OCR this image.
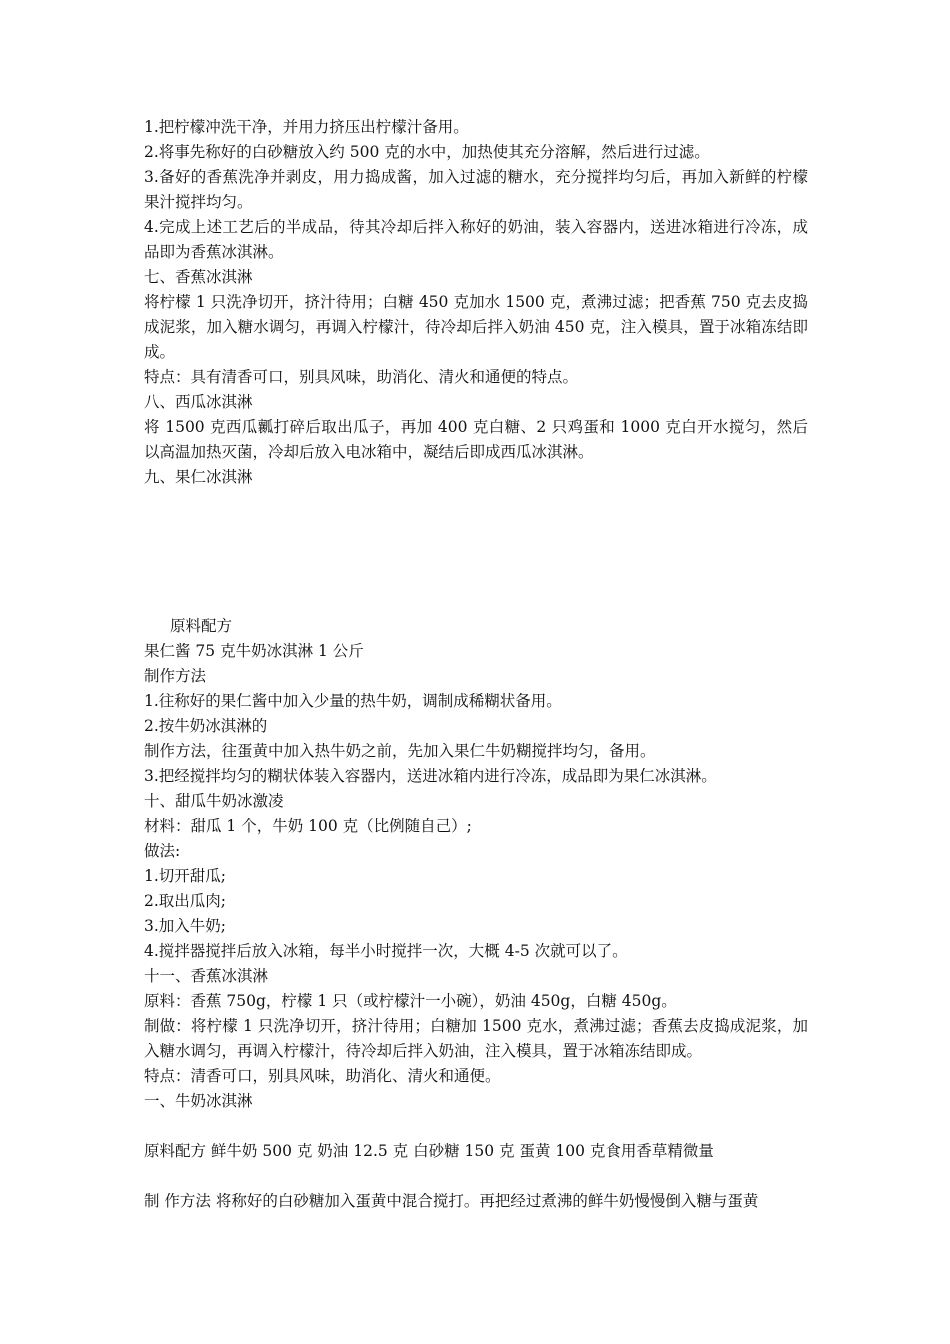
1.把柠檬冲洗干净，并用力挤压出柠檬汁备用。

2.将事先称好的白砂糖放入约 500 克的水中，加热使其充分溶解，然后进行过滤。

3.备好的香蕉洗净并剥皮，用力捣成酱，加入过滤的糖水，充分搅拌均匀后，再加入新鲜的柠檬果汁搅拌均匀。

4.完成上述工艺后的半成品，待其冷却后拌入称好的奶油，装入容器内，送进冰箱进行冷冻，成品即为香蕉冰淇淋。

七、香蕉冰淇淋

将柠檬 1 只洗净切开，挤汁待用；白糖 450 克加水 1500 克，煮沸过滤；把香蕉 750 克去皮捣成泥浆，加入糖水调匀，再调入柠檬汁，待冷却后拌入奶油 450 克，注入模具，置于冰箱冻结即成。

特点：具有清香可口，别具风味，助消化、清火和通便的特点。

八、西瓜冰淇淋

将 1500 克西瓜瓤打碎后取出瓜子，再加 400 克白糖、2 只鸡蛋和 1000 克白开水搅匀，然后以高温加热灭菌，冷却后放入电冰箱中，凝结后即成西瓜冰淇淋。

九、果仁冰淇淋

原料配方

果仁酱 75 克牛奶冰淇淋 1 公斤

制作方法

1.往称好的果仁酱中加入少量的热牛奶，调制成稀糊状备用。

2.按牛奶冰淇淋的

制作方法，往蛋黄中加入热牛奶之前，先加入果仁牛奶糊搅拌均匀，备用。

3.把经搅拌均匀的糊状体装入容器内，送进冰箱内进行冷冻，成品即为果仁冰淇淋。

十、甜瓜牛奶冰激凌

材料：甜瓜 1 个，牛奶 100 克（比例随自己）;

做法:

1.切开甜瓜;

2.取出瓜肉;

3.加入牛奶;

4.搅拌器搅拌后放入冰箱，每半小时搅拌一次，大概 4-5 次就可以了。

十一、香蕉冰淇淋

原料：香蕉 750g，柠檬 1 只（或柠檬汁一小碗），奶油 450g，白糖 450g。

制做：将柠檬 1 只洗净切开，挤汁待用；白糖加 1500 克水，煮沸过滤；香蕉去皮捣成泥浆，加入糖水调匀，再调入柠檬汁，待冷却后拌入奶油，注入模具，置于冰箱冻结即成。

特点：清香可口，别具风味，助消化、清火和通便。

一、牛奶冰淇淋

原料配方 鲜牛奶 500 克 奶油 12.5 克 白砂糖 150 克 蛋黄 100 克食用香草精微量

制 作方法 将称好的白砂糖加入蛋黄中混合搅打。再把经过煮沸的鲜牛奶慢慢倒入糖与蛋黄
